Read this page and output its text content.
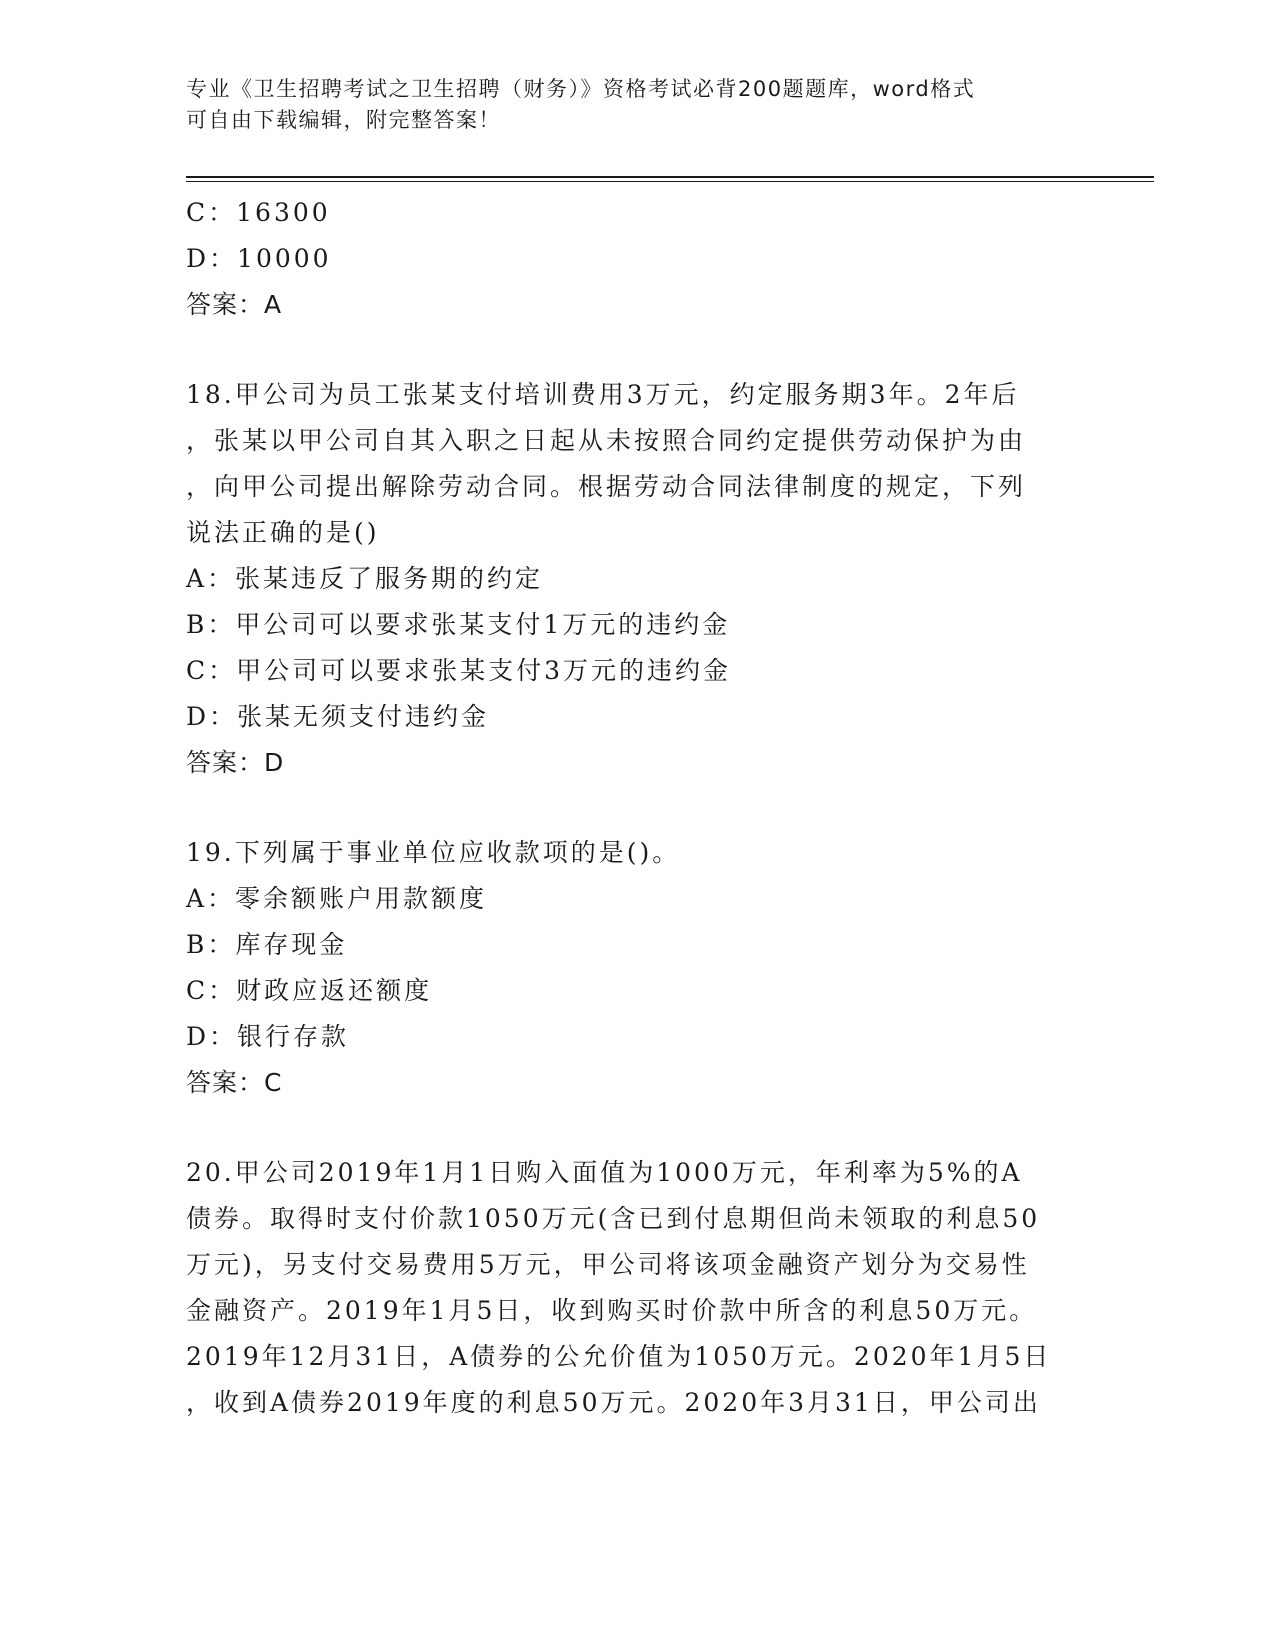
专业《卫生招聘考试之卫生招聘（财务）》资格考试必背200题题库，word格式
可自由下载编辑，附完整答案！
C：16300
D：10000
答案：A
18.甲公司为员工张某支付培训费用3万元，约定服务期3年。2年后
，张某以甲公司自其入职之日起从未按照合同约定提供劳动保护为由
，向甲公司提出解除劳动合同。根据劳动合同法律制度的规定，下列
说法正确的是()
A：张某违反了服务期的约定
B：甲公司可以要求张某支付1万元的违约金
C：甲公司可以要求张某支付3万元的违约金
D：张某无须支付违约金
答案：D
19.下列属于事业单位应收款项的是()。
A：零余额账户用款额度
B：库存现金
C：财政应返还额度
D：银行存款
答案：C
20.甲公司2019年1月1日购入面值为1000万元，年利率为5%的A
债券。取得时支付价款1050万元(含已到付息期但尚未领取的利息50
万元)，另支付交易费用5万元，甲公司将该项金融资产划分为交易性
金融资产。2019年1月5日，收到购买时价款中所含的利息50万元。
2019年12月31日，A债券的公允价值为1050万元。2020年1月5日
，收到A债券2019年度的利息50万元。2020年3月31日，甲公司出
